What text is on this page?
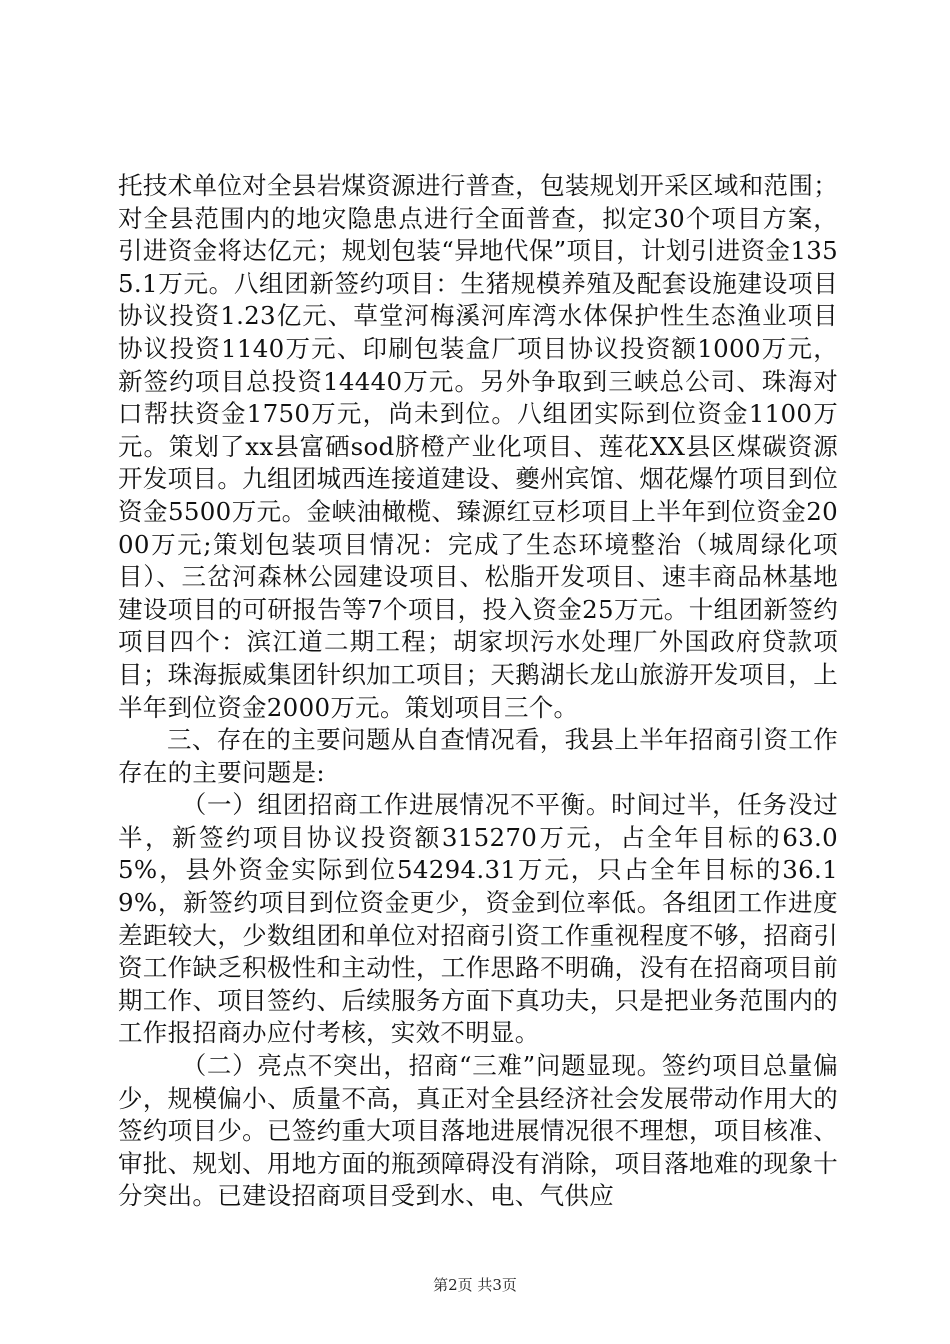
托技术单位对全县岩煤资源进行普查，包装规划开采区域和范围；对全县范围内的地灾隐患点进行全面普查，拟定30个项目方案，引进资金将达亿元；规划包装“异地代保”项目，计划引进资金1355.1万元。八组团新签约项目：生猪规模养殖及配套设施建设项目协议投资1.23亿元、草堂河梅溪河库湾水体保护性生态渔业项目协议投资1140万元、印刷包装盒厂项目协议投资额1000万元，新签约项目总投资14440万元。另外争取到三峡总公司、珠海对口帮扶资金1750万元，尚未到位。八组团实际到位资金1100万元。策划了xx县富硒sod脐橙产业化项目、莲花XX县区煤碳资源开发项目。九组团城西连接道建设、夔州宾馆、烟花爆竹项目到位资金5500万元。金峡油橄榄、臻源红豆杉项目上半年到位资金2000万元;策划包装项目情况：完成了生态环境整治（城周绿化项目）、三岔河森林公园建设项目、松脂开发项目、速丰商品林基地建设项目的可研报告等7个项目，投入资金25万元。十组团新签约项目四个：滨江道二期工程；胡家坝污水处理厂外国政府贷款项目；珠海振威集团针织加工项目；天鹅湖长龙山旅游开发项目，上半年到位资金2000万元。策划项目三个。

三、存在的主要问题从自查情况看，我县上半年招商引资工作存在的主要问题是:

（一）组团招商工作进展情况不平衡。时间过半，任务没过半，新签约项目协议投资额315270万元，占全年目标的63.05%，县外资金实际到位54294.31万元，只占全年目标的36.19%，新签约项目到位资金更少，资金到位率低。各组团工作进度差距较大，少数组团和单位对招商引资工作重视程度不够，招商引资工作缺乏积极性和主动性，工作思路不明确，没有在招商项目前期工作、项目签约、后续服务方面下真功夫，只是把业务范围内的工作报招商办应付考核，实效不明显。

（二）亮点不突出，招商“三难”问题显现。签约项目总量偏少，规模偏小、质量不高，真正对全县经济社会发展带动作用大的签约项目少。已签约重大项目落地进展情况很不理想，项目核准、审批、规划、用地方面的瓶颈障碍没有消除，项目落地难的现象十分突出。已建设招商项目受到水、电、气供应

第2页 共3页
